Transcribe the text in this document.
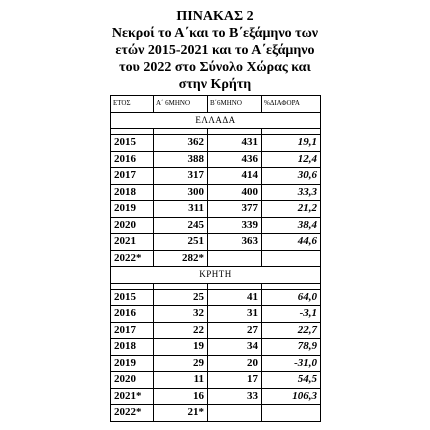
ΠΙΝΑΚΑΣ 2
Νεκροί το Α΄και το Β΄εξάμηνο των
ετών 2015-2021 και το Α΄εξάμηνο
του 2022 στο Σύνολο Χώρας και
στην Κρήτη
ΕΤΟΣ	Α΄ 6ΜΗΝΟ	Β΄6ΜΗΝΟ	%ΔΙΑΦΟΡΑ
ΕΛΛΑΔΑ			

2015	362	431	19,1
2016	388	436	12,4
2017	317	414	30,6
2018	300	400	33,3
2019	311	377	21,2
2020	245	339	38,4
2021	251	363	44,6
2022*	282*		
ΚΡΗΤΗ			

2015	25	41	64,0
2016	32	31	-3,1
2017	22	27	22,7
2018	19	34	78,9
2019	29	20	-31,0
2020	11	17	54,5
2021*	16	33	106,3
2022*	21*		
